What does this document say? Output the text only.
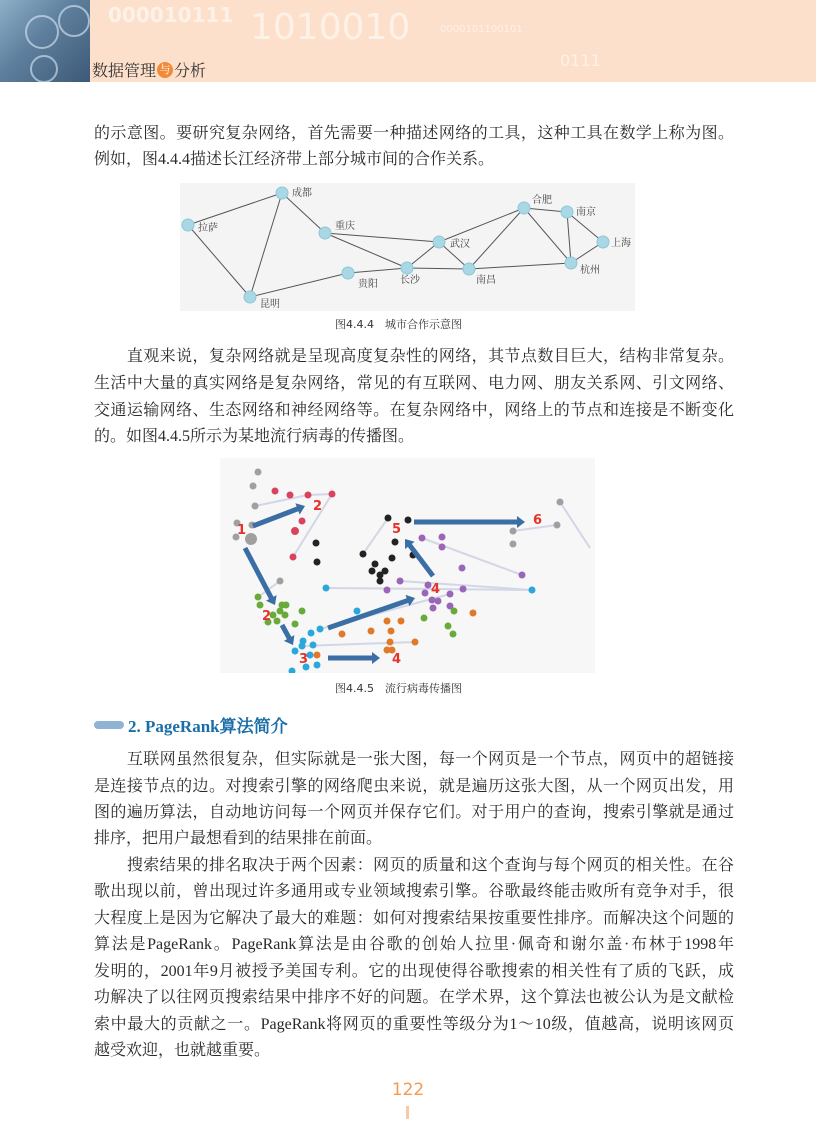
000010111 1010010	0000101100101
0111
数据管理 与 分析
的示意图。要研究复杂网络，首先需要一种描述网络的工具，这种工具在数学上称为图。
例如，图4.4.4描述长江经济带上部分城市间的合作关系。
　　直观来说，复杂网络就是呈现高度复杂性的网络，其节点数目巨大，结构非常复杂。
生活中大量的真实网络是复杂网络，常见的有互联网、电力网、朋友关系网、引文网络、
交通运输网络、生态网络和神经网络等。在复杂网络中，网络上的节点和连接是不断变化
的。如图4.4.5所示为某地流行病毒的传播图。
　　互联网虽然很复杂，但实际就是一张大图，每一个网页是一个节点，网页中的超链接
是连接节点的边。对搜索引擎的网络爬虫来说，就是遍历这张大图，从一个网页出发，用
图的遍历算法，自动地访问每一个网页并保存它们。对于用户的查询，搜索引擎就是通过
排序，把用户最想看到的结果排在前面。
　　搜索结果的排名取决于两个因素：网页的质量和这个查询与每个网页的相关性。在谷
歌出现以前，曾出现过许多通用或专业领域搜索引擎。谷歌最终能击败所有竞争对手，很
大程度上是因为它解决了最大的难题：如何对搜索结果按重要性排序。而解决这个问题的
算法是PageRank。PageRank算法是由谷歌的创始人拉里·佩奇和谢尔盖·布林于1998年
发明的，2001年9月被授予美国专利。它的出现使得谷歌搜索的相关性有了质的飞跃，成
功解决了以往网页搜索结果中排序不好的问题。在学术界，这个算法也被公认为是文献检
索中最大的贡献之一。PageRank将网页的重要性等级分为1～10级，值越高，说明该网页
越受欢迎，也就越重要。
拉萨
成都
重庆
昆明
贵阳 长沙
武汉
南昌
合肥
南京
上海
杭州
图4.4.4　城市合作示意图
1
2
2
3	4
4
5
6
图4.4.5　流行病毒传播图
2. PageRank算法简介
122
